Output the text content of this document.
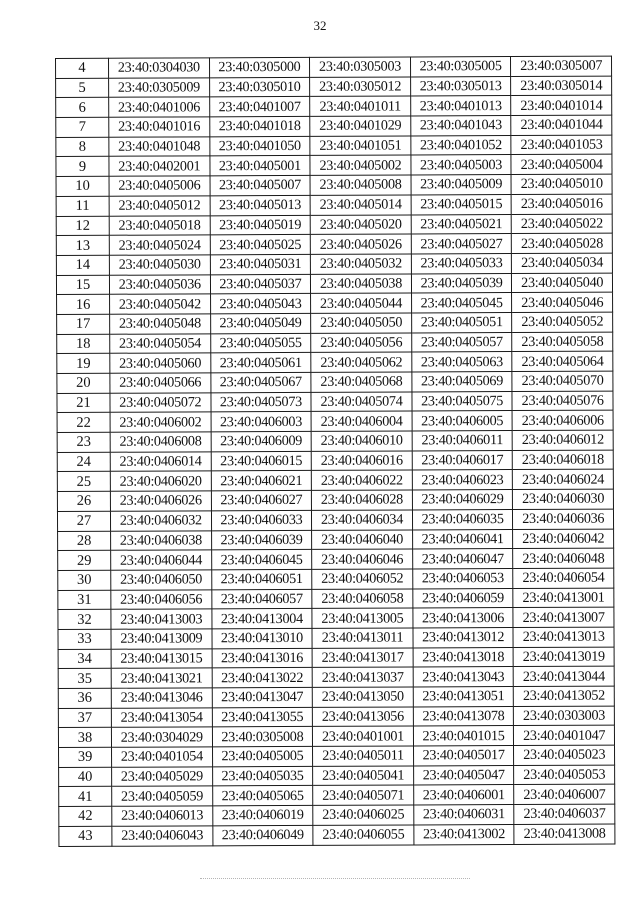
32
4	23:40:0304030	23:40:0305000	23:40:0305003	23:40:0305005	23:40:0305007
5	23:40:0305009	23:40:0305010	23:40:0305012	23:40:0305013	23:40:0305014
6	23:40:0401006	23:40:0401007	23:40:0401011	23:40:0401013	23:40:0401014
7	23:40:0401016	23:40:0401018	23:40:0401029	23:40:0401043	23:40:0401044
8	23:40:0401048	23:40:0401050	23:40:0401051	23:40:0401052	23:40:0401053
9	23:40:0402001	23:40:0405001	23:40:0405002	23:40:0405003	23:40:0405004
10	23:40:0405006	23:40:0405007	23:40:0405008	23:40:0405009	23:40:0405010
11	23:40:0405012	23:40:0405013	23:40:0405014	23:40:0405015	23:40:0405016
12	23:40:0405018	23:40:0405019	23:40:0405020	23:40:0405021	23:40:0405022
13	23:40:0405024	23:40:0405025	23:40:0405026	23:40:0405027	23:40:0405028
14	23:40:0405030	23:40:0405031	23:40:0405032	23:40:0405033	23:40:0405034
15	23:40:0405036	23:40:0405037	23:40:0405038	23:40:0405039	23:40:0405040
16	23:40:0405042	23:40:0405043	23:40:0405044	23:40:0405045	23:40:0405046
17	23:40:0405048	23:40:0405049	23:40:0405050	23:40:0405051	23:40:0405052
18	23:40:0405054	23:40:0405055	23:40:0405056	23:40:0405057	23:40:0405058
19	23:40:0405060	23:40:0405061	23:40:0405062	23:40:0405063	23:40:0405064
20	23:40:0405066	23:40:0405067	23:40:0405068	23:40:0405069	23:40:0405070
21	23:40:0405072	23:40:0405073	23:40:0405074	23:40:0405075	23:40:0405076
22	23:40:0406002	23:40:0406003	23:40:0406004	23:40:0406005	23:40:0406006
23	23:40:0406008	23:40:0406009	23:40:0406010	23:40:0406011	23:40:0406012
24	23:40:0406014	23:40:0406015	23:40:0406016	23:40:0406017	23:40:0406018
25	23:40:0406020	23:40:0406021	23:40:0406022	23:40:0406023	23:40:0406024
26	23:40:0406026	23:40:0406027	23:40:0406028	23:40:0406029	23:40:0406030
27	23:40:0406032	23:40:0406033	23:40:0406034	23:40:0406035	23:40:0406036
28	23:40:0406038	23:40:0406039	23:40:0406040	23:40:0406041	23:40:0406042
29	23:40:0406044	23:40:0406045	23:40:0406046	23:40:0406047	23:40:0406048
30	23:40:0406050	23:40:0406051	23:40:0406052	23:40:0406053	23:40:0406054
31	23:40:0406056	23:40:0406057	23:40:0406058	23:40:0406059	23:40:0413001
32	23:40:0413003	23:40:0413004	23:40:0413005	23:40:0413006	23:40:0413007
33	23:40:0413009	23:40:0413010	23:40:0413011	23:40:0413012	23:40:0413013
34	23:40:0413015	23:40:0413016	23:40:0413017	23:40:0413018	23:40:0413019
35	23:40:0413021	23:40:0413022	23:40:0413037	23:40:0413043	23:40:0413044
36	23:40:0413046	23:40:0413047	23:40:0413050	23:40:0413051	23:40:0413052
37	23:40:0413054	23:40:0413055	23:40:0413056	23:40:0413078	23:40:0303003
38	23:40:0304029	23:40:0305008	23:40:0401001	23:40:0401015	23:40:0401047
39	23:40:0401054	23:40:0405005	23:40:0405011	23:40:0405017	23:40:0405023
40	23:40:0405029	23:40:0405035	23:40:0405041	23:40:0405047	23:40:0405053
41	23:40:0405059	23:40:0405065	23:40:0405071	23:40:0406001	23:40:0406007
42	23:40:0406013	23:40:0406019	23:40:0406025	23:40:0406031	23:40:0406037
43	23:40:0406043	23:40:0406049	23:40:0406055	23:40:0413002	23:40:0413008
